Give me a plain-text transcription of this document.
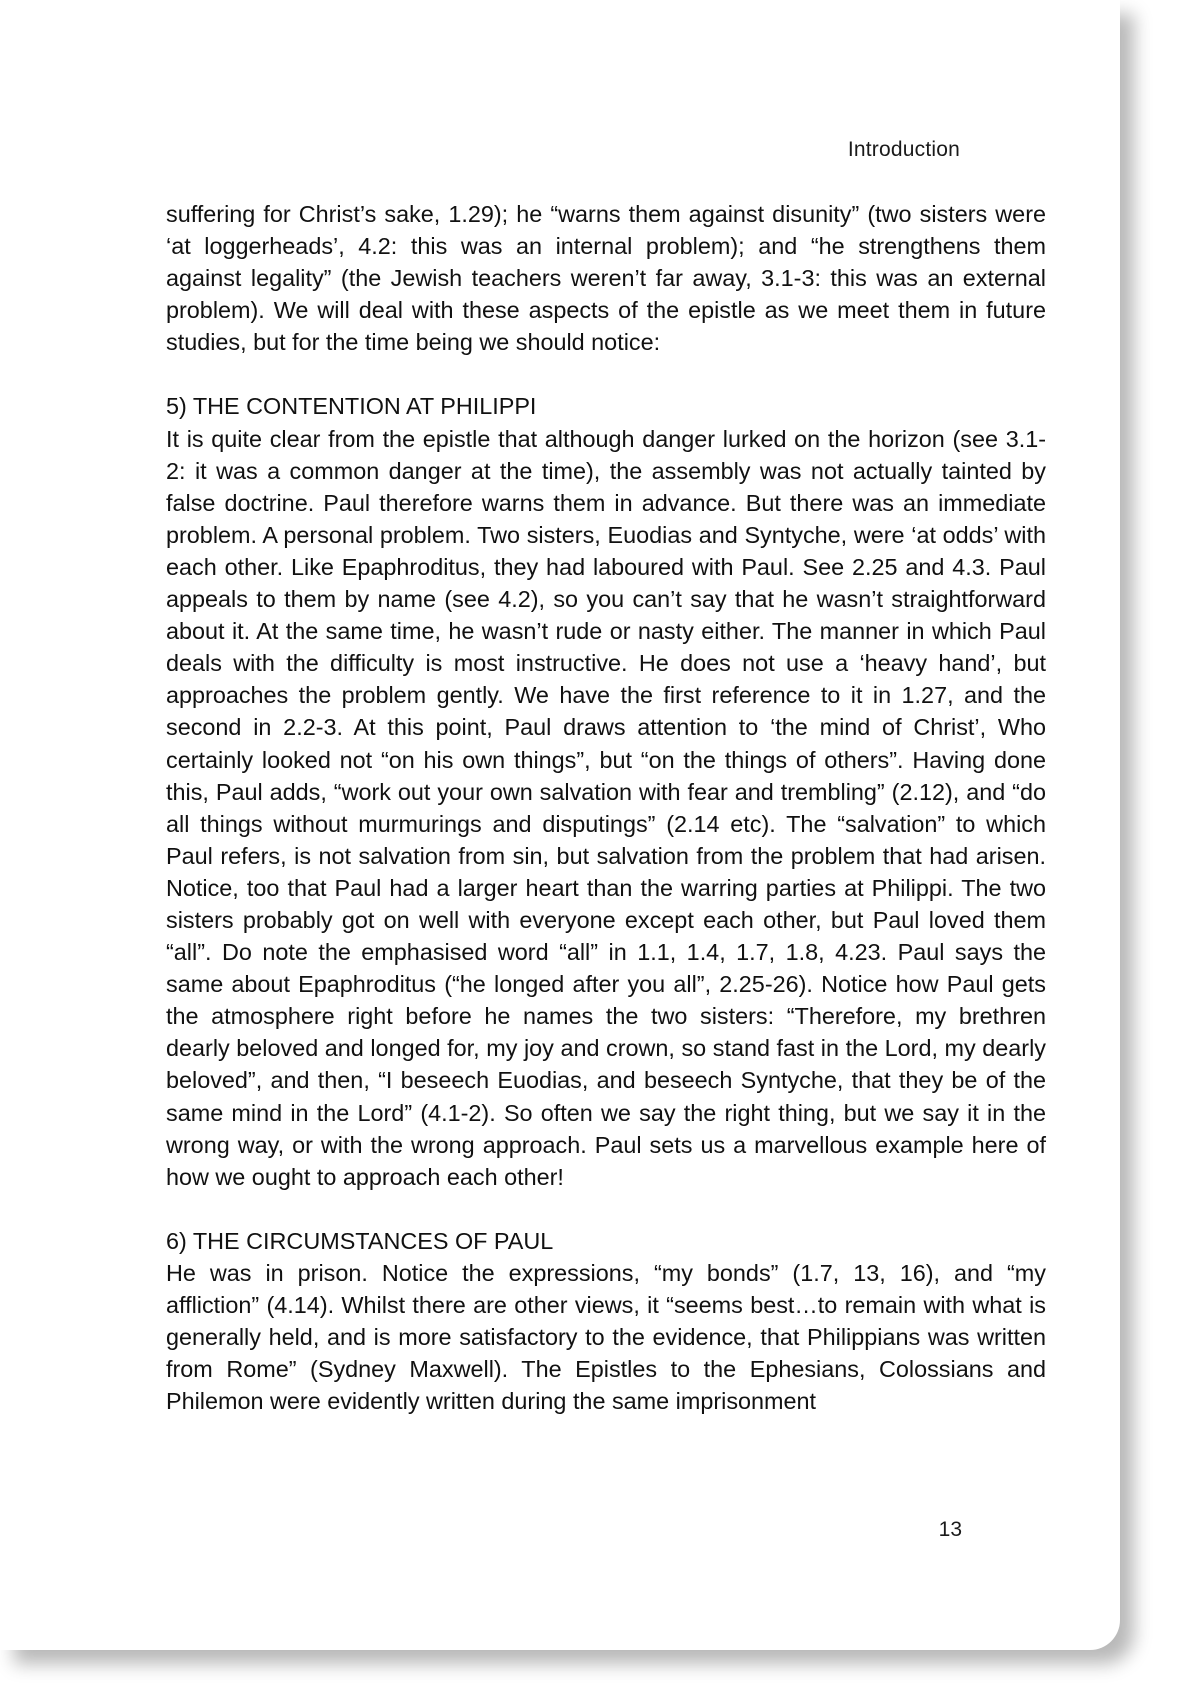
Introduction

suffering for Christ’s sake, 1.29); he “warns them against disunity” (two sisters were ‘at loggerheads’, 4.2: this was an internal problem); and “he strengthens them against legality” (the Jewish teachers weren’t far away, 3.1-3: this was an external problem). We will deal with these aspects of the epistle as we meet them in future studies, but for the time being we should notice:

5) THE CONTENTION AT PHILIPPI

It is quite clear from the epistle that although danger lurked on the horizon (see 3.1-2: it was a common danger at the time), the assembly was not actually tainted by false doctrine. Paul therefore warns them in advance. But there was an immediate problem. A personal problem. Two sisters, Euodias and Syntyche, were ‘at odds’ with each other. Like Epaphroditus, they had laboured with Paul. See 2.25 and 4.3. Paul appeals to them by name (see 4.2), so you can’t say that he wasn’t straightforward about it. At the same time, he wasn’t rude or nasty either. The manner in which Paul deals with the difficulty is most instructive. He does not use a ‘heavy hand’, but approaches the problem gently. We have the first reference to it in 1.27, and the second in 2.2-3. At this point, Paul draws attention to ‘the mind of Christ’, Who certainly looked not “on his own things”, but “on the things of others”. Having done this, Paul adds, “work out your own salvation with fear and trembling” (2.12), and “do all things without murmurings and disputings” (2.14 etc). The “salvation” to which Paul refers, is not salvation from sin, but salvation from the problem that had arisen. Notice, too that Paul had a larger heart than the warring parties at Philippi. The two sisters probably got on well with everyone except each other, but Paul loved them “all”. Do note the emphasised word “all” in 1.1, 1.4, 1.7, 1.8, 4.23. Paul says the same about Epaphroditus (“he longed after you all”, 2.25-26). Notice how Paul gets the atmosphere right before he names the two sisters: “Therefore, my brethren dearly beloved and longed for, my joy and crown, so stand fast in the Lord, my dearly beloved”, and then, “I beseech Euodias, and beseech Syntyche, that they be of the same mind in the Lord” (4.1-2). So often we say the right thing, but we say it in the wrong way, or with the wrong approach. Paul sets us a marvellous example here of how we ought to approach each other!

6) THE CIRCUMSTANCES OF PAUL

He was in prison. Notice the expressions, “my bonds” (1.7, 13, 16), and “my affliction” (4.14). Whilst there are other views, it “seems best…to remain with what is generally held, and is more satisfactory to the evidence, that Philippians was written from Rome” (Sydney Maxwell). The Epistles to the Ephesians, Colossians and Philemon were evidently written during the same imprisonment

13
